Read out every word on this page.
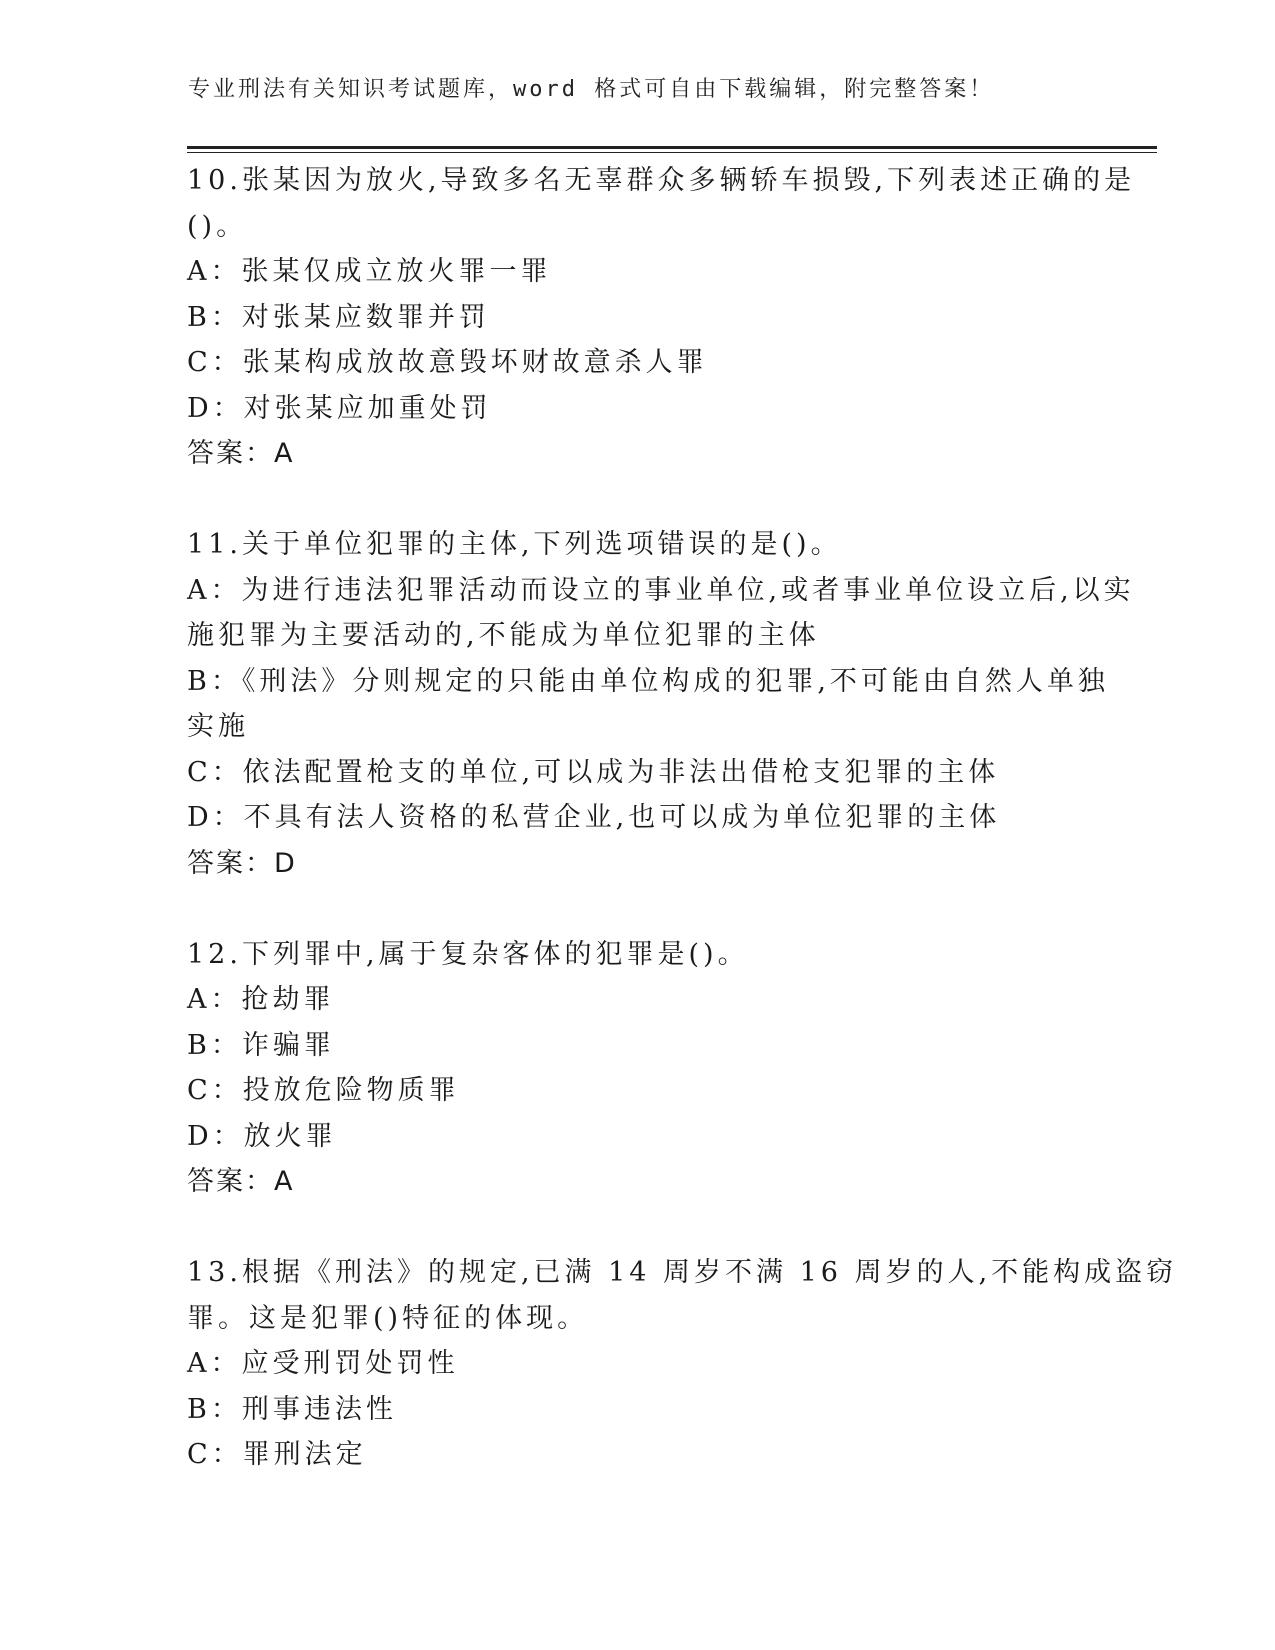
专业刑法有关知识考试题库，word 格式可自由下载编辑，附完整答案！
10.张某因为放火,导致多名无辜群众多辆轿车损毁,下列表述正确的是
()。
A：张某仅成立放火罪一罪
B：对张某应数罪并罚
C：张某构成放故意毁坏财故意杀人罪
D：对张某应加重处罚
答案：A
11.关于单位犯罪的主体,下列选项错误的是()。
A：为进行违法犯罪活动而设立的事业单位,或者事业单位设立后,以实
施犯罪为主要活动的,不能成为单位犯罪的主体
B：《刑法》分则规定的只能由单位构成的犯罪,不可能由自然人单独
实施
C：依法配置枪支的单位,可以成为非法出借枪支犯罪的主体
D：不具有法人资格的私营企业,也可以成为单位犯罪的主体
答案：D
12.下列罪中,属于复杂客体的犯罪是()。
A：抢劫罪
B：诈骗罪
C：投放危险物质罪
D：放火罪
答案：A
13.根据《刑法》的规定,已满 14 周岁不满 16 周岁的人,不能构成盗窃
罪。这是犯罪()特征的体现。
A：应受刑罚处罚性
B：刑事违法性
C：罪刑法定
